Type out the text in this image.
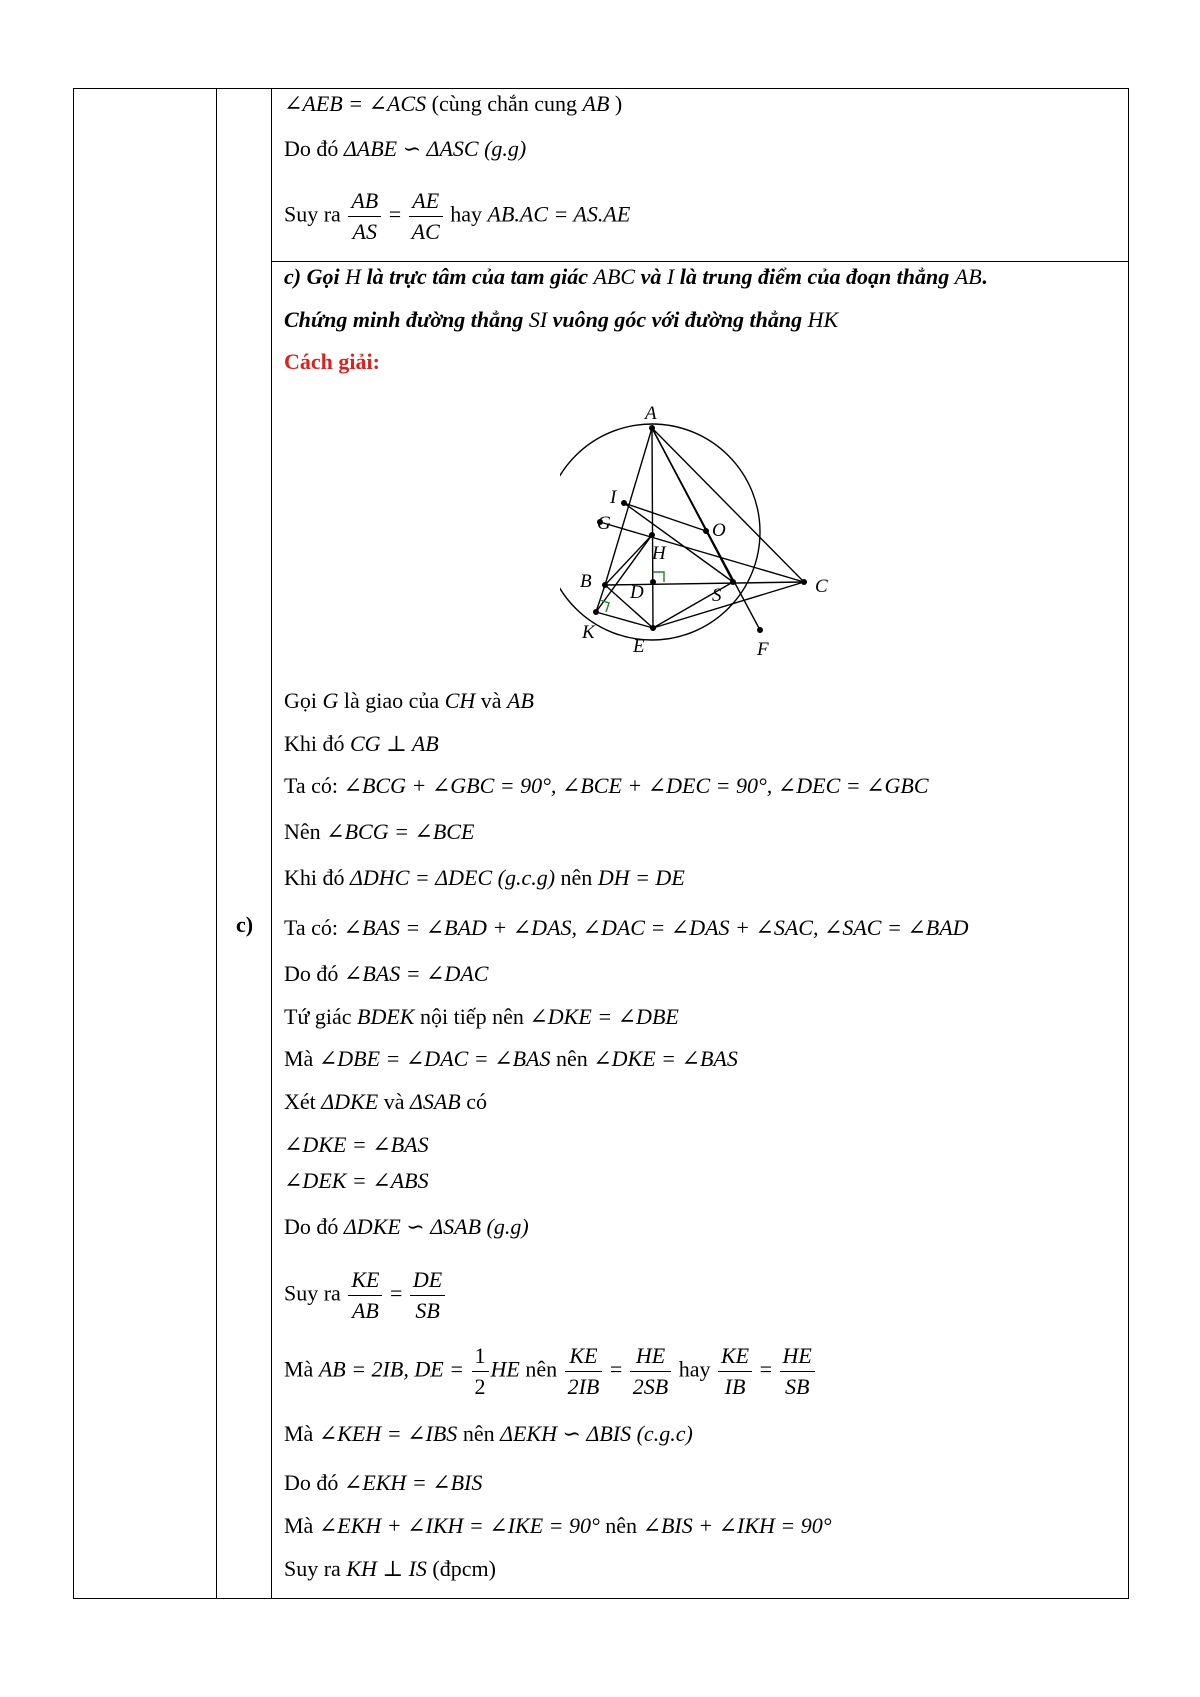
∠AEB = ∠ACS (cùng chắn cung AB )
Do đó ΔABE ∽ ΔASC (g.g)
Suy ra $\frac{AB}{AS} = \frac{AE}{AC}$ hay AB.AC = AS.AE
c)
c) Gọi H là trực tâm của tam giác ABC và I là trung điểm của đoạn thẳng AB.
Chứng minh đường thẳng SI vuông góc với đường thẳng HK
Cách giải:
A
I
G	O
H
B
D	S	C
K
E	F
Gọi G là giao của CH và AB
Khi đó CG ⊥ AB
Ta có: ∠BCG + ∠GBC = 90°, ∠BCE + ∠DEC = 90°, ∠DEC = ∠GBC
Nên ∠BCG = ∠BCE
Khi đó ΔDHC = ΔDEC (g.c.g) nên DH = DE
Ta có: ∠BAS = ∠BAD + ∠DAS, ∠DAC = ∠DAS + ∠SAC, ∠SAC = ∠BAD
Do đó ∠BAS = ∠DAC
Tứ giác BDEK nội tiếp nên ∠DKE = ∠DBE
Mà ∠DBE = ∠DAC = ∠BAS nên ∠DKE = ∠BAS
Xét ΔDKE và ΔSAB có
∠DKE = ∠BAS
∠DEK = ∠ABS
Do đó ΔDKE ∽ ΔSAB (g.g)
Suy ra $\frac{KE}{AB} = \frac{DE}{SB}$
Mà AB = 2IB, DE = $\frac{1}{2}$ HE nên $\frac{KE}{2IB} = \frac{HE}{2SB}$ hay $\frac{KE}{IB} = \frac{HE}{SB}$
Mà ∠KEH = ∠IBS nên ΔEKH ∽ ΔBIS (c.g.c)
Do đó ∠EKH = ∠BIS
Mà ∠EKH + ∠IKH = ∠IKE = 90° nên ∠BIS + ∠IKH = 90°
Suy ra KH ⊥ IS (đpcm)
